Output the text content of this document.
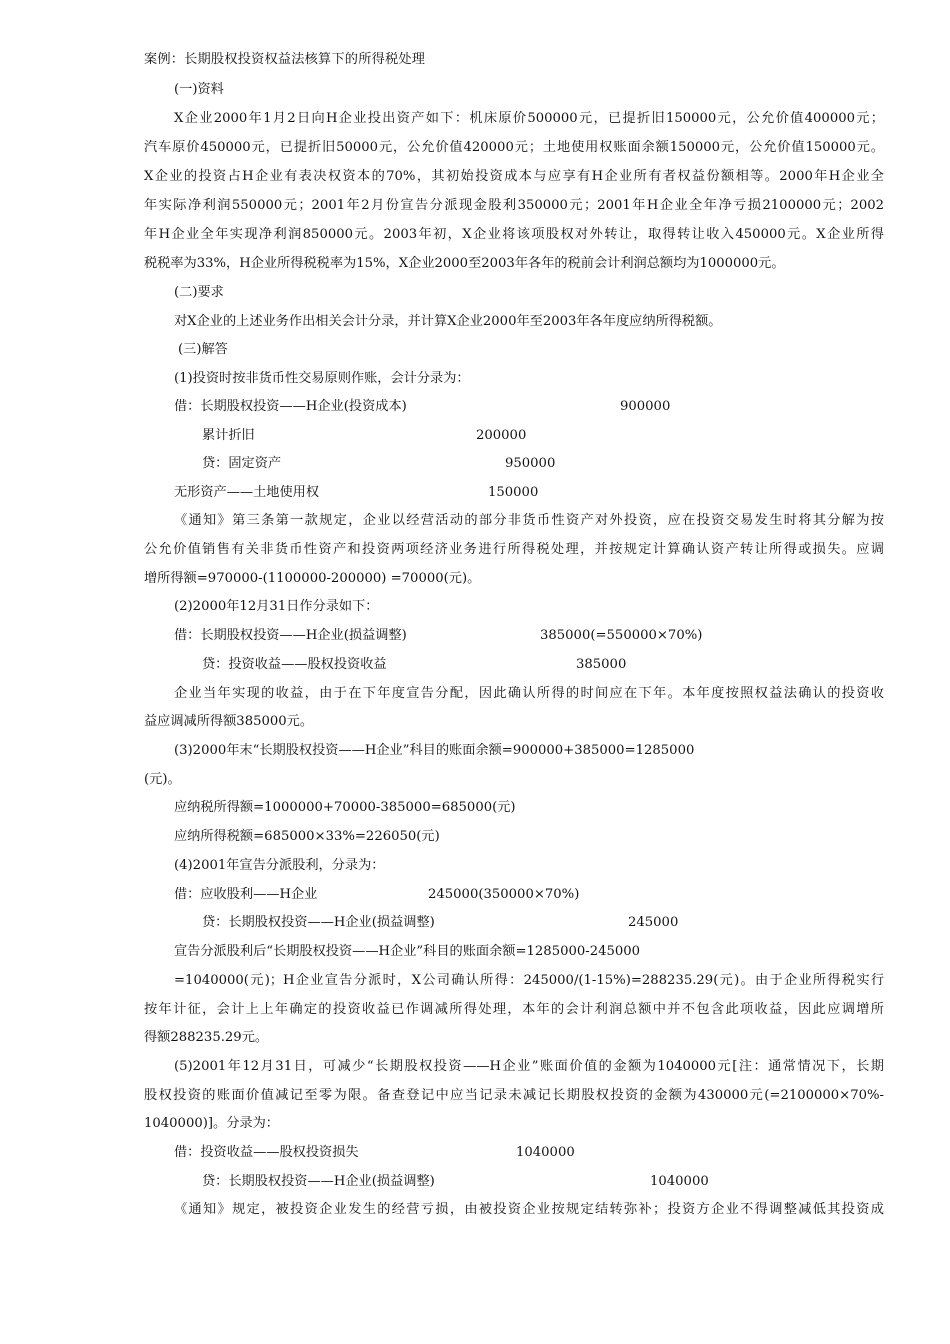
案例：长期股权投资权益法核算下的所得税处理
(一)资料
X企业2000年1月2日向H企业投出资产如下：机床原价500000元，已提折旧150000元，公允价值400000元；
汽车原价450000元，已提折旧50000元，公允价值420000元；土地使用权账面余额150000元，公允价值150000元。
X企业的投资占H企业有表决权资本的70%，其初始投资成本与应享有H企业所有者权益份额相等。2000年H企业全
年实际净利润550000元；2001年2月份宣告分派现金股利350000元；2001年H企业全年净亏损2100000元；2002
年H企业全年实现净利润850000元。2003年初，X企业将该项股权对外转让，取得转让收入450000元。X企业所得
税税率为33%，H企业所得税税率为15%，X企业2000至2003年各年的税前会计利润总额均为1000000元。
(二)要求
对X企业的上述业务作出相关会计分录，并计算X企业2000年至2003年各年度应纳所得税额。
(三)解答
(1)投资时按非货币性交易原则作账，会计分录为：
借：长期股权投资——H企业(投资成本)	900000
累计折旧	200000
贷：固定资产	950000
无形资产——土地使用权	150000
《通知》第三条第一款规定，企业以经营活动的部分非货币性资产对外投资，应在投资交易发生时将其分解为按
公允价值销售有关非货币性资产和投资两项经济业务进行所得税处理，并按规定计算确认资产转让所得或损失。应调
增所得额=970000-(1100000-200000) =70000(元)。
(2)2000年12月31日作分录如下：
借：长期股权投资——H企业(损益调整)	385000(=550000×70%)
贷：投资收益——股权投资收益	385000
企业当年实现的收益，由于在下年度宣告分配，因此确认所得的时间应在下年。本年度按照权益法确认的投资收
益应调减所得额385000元。
(3)2000年末“长期股权投资——H企业”科目的账面余额=900000+385000=1285000
(元)。
应纳税所得额=1000000+70000-385000=685000(元)
应纳所得税额=685000×33%=226050(元)
(4)2001年宣告分派股利，分录为：
借：应收股利——H企业	245000(350000×70%)
贷：长期股权投资——H企业(损益调整)	245000
宣告分派股利后“长期股权投资——H企业”科目的账面余额=1285000-245000
=1040000(元)；H企业宣告分派时，X公司确认所得：245000/(1-15%)=288235.29(元)。由于企业所得税实行
按年计征，会计上上年确定的投资收益已作调减所得处理，本年的会计利润总额中并不包含此项收益，因此应调增所
得额288235.29元。
(5)2001年12月31日，可减少“长期股权投资——H企业”账面价值的金额为1040000元[注：通常情况下，长期
股权投资的账面价值减记至零为限。备查登记中应当记录未减记长期股权投资的金额为430000元(=2100000×70%-
1040000)]。分录为：
借：投资收益——股权投资损失	1040000
贷：长期股权投资——H企业(损益调整)	1040000
《通知》规定，被投资企业发生的经营亏损，由被投资企业按规定结转弥补；投资方企业不得调整减低其投资成
